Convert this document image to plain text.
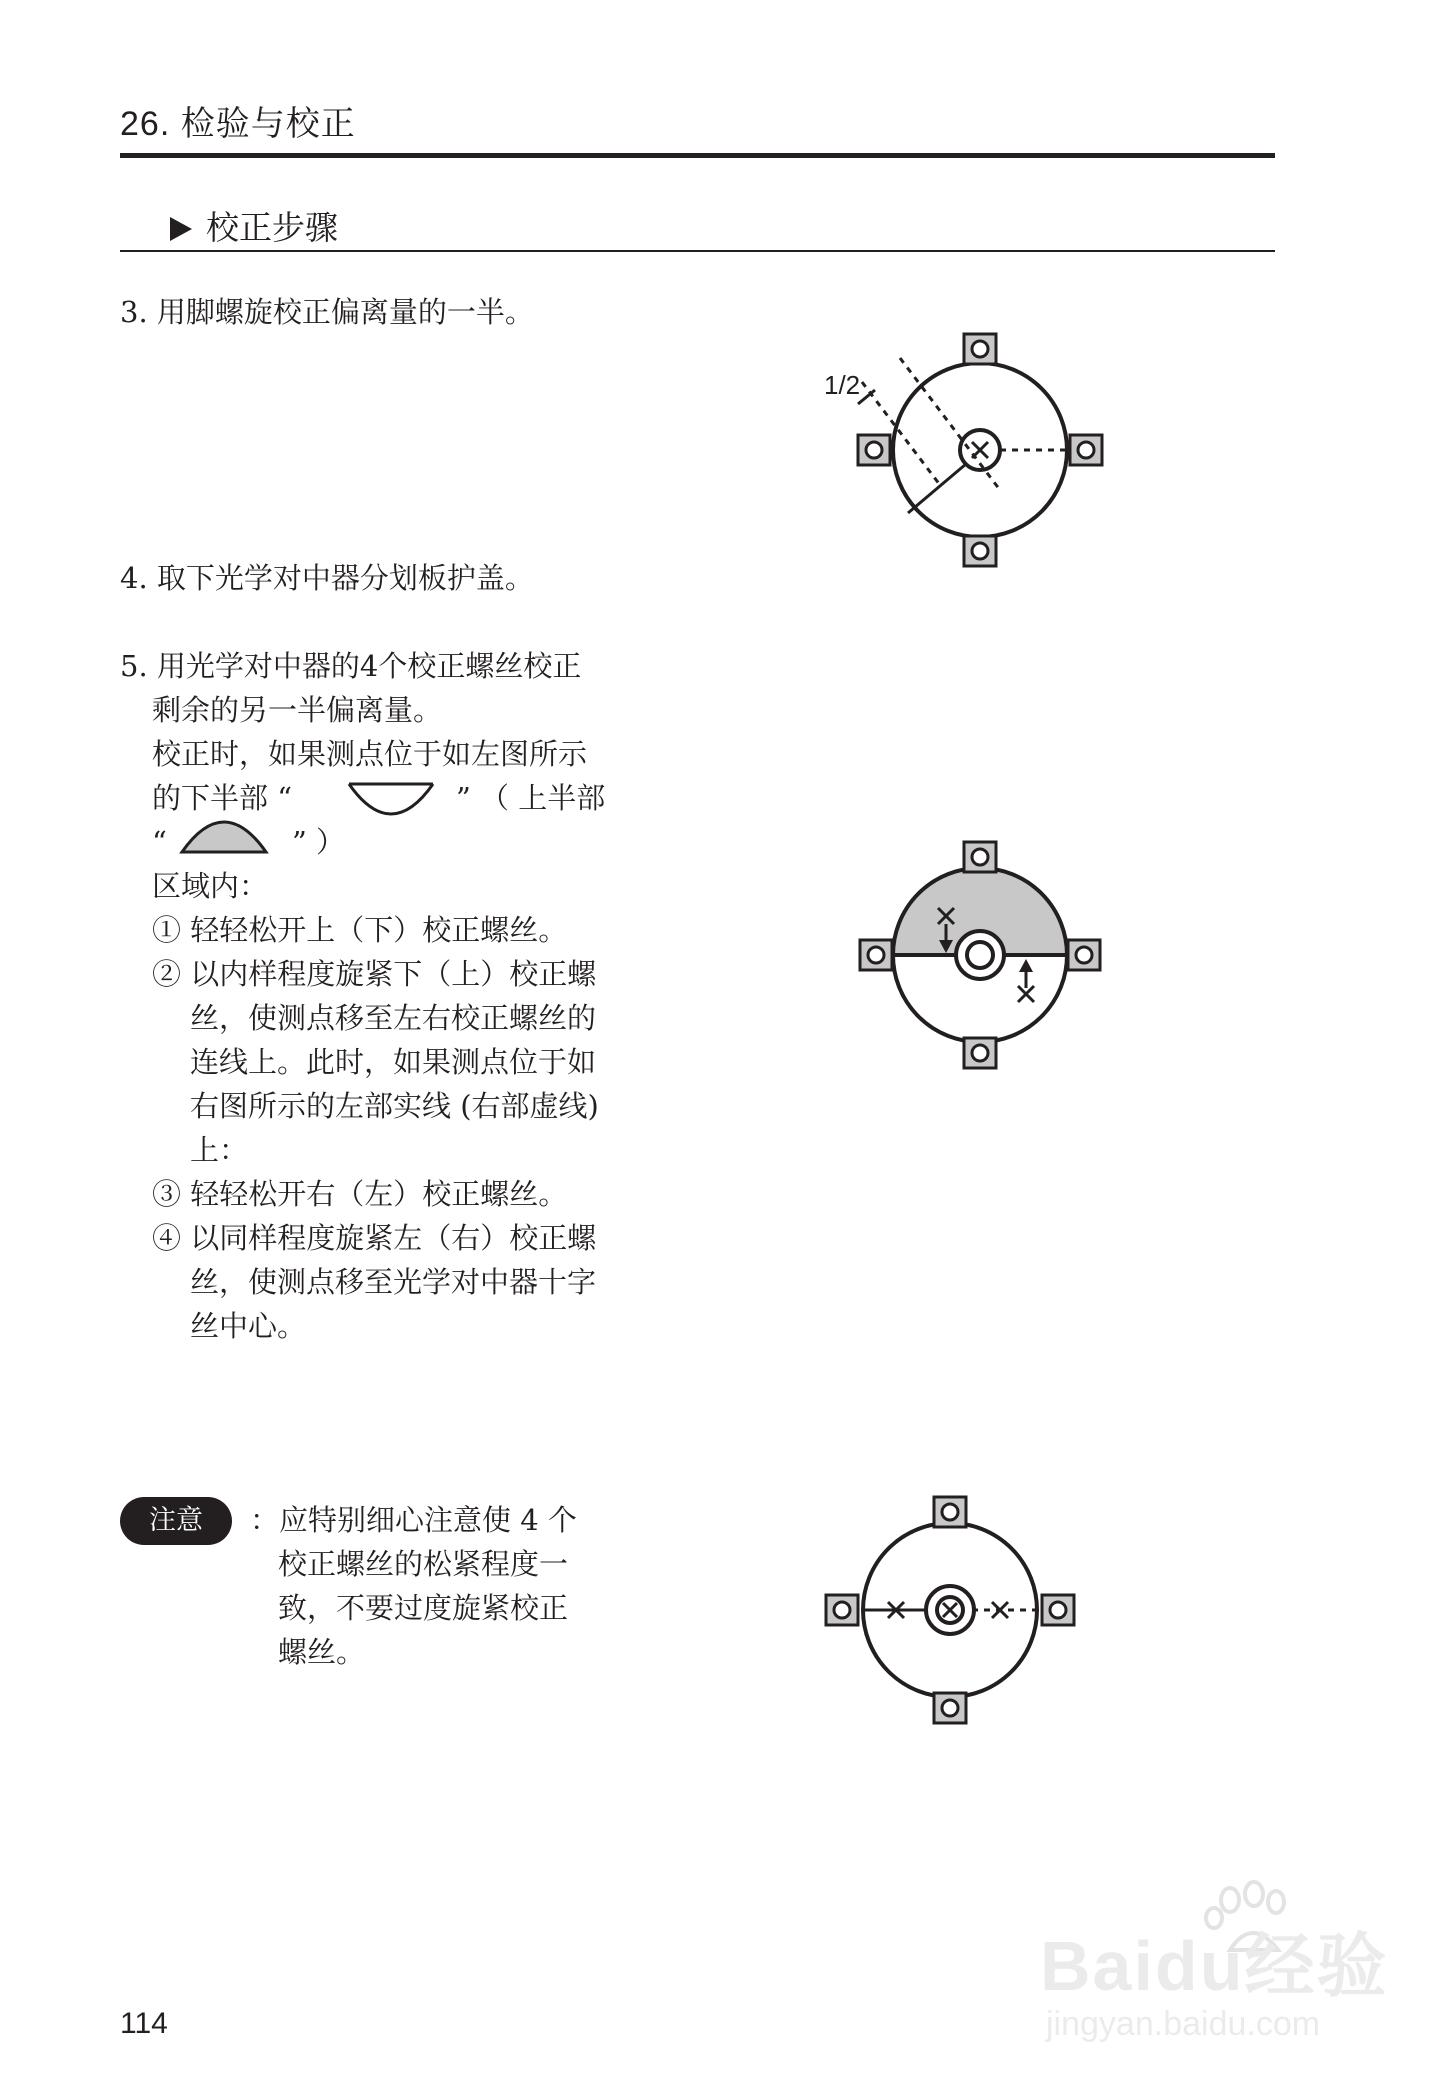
26. 检验与校正
校正步骤
3. 用脚螺旋校正偏离量的一半。
1/2
4. 取下光学对中器分划板护盖。
5. 用光学对中器的4个校正螺丝校正
剩余的另一半偏离量。
校正时，如果测点位于如左图所示
的下半部 “	” （ 上半部
“	” ）
区域内：
① 轻轻松开上（下）校正螺丝。
② 以内样程度旋紧下（上）校正螺
丝，使测点移至左右校正螺丝的
连线上。此时，如果测点位于如
右图所示的左部实线 (右部虚线)
上：
③ 轻轻松开右（左）校正螺丝。
④ 以同样程度旋紧左（右）校正螺
丝，使测点移至光学对中器十字
丝中心。
注意	：应特别细心注意使 4 个
校正螺丝的松紧程度一
致，不要过度旋紧校正
螺丝。
114
Baidu经验
jingyan.baidu.com
